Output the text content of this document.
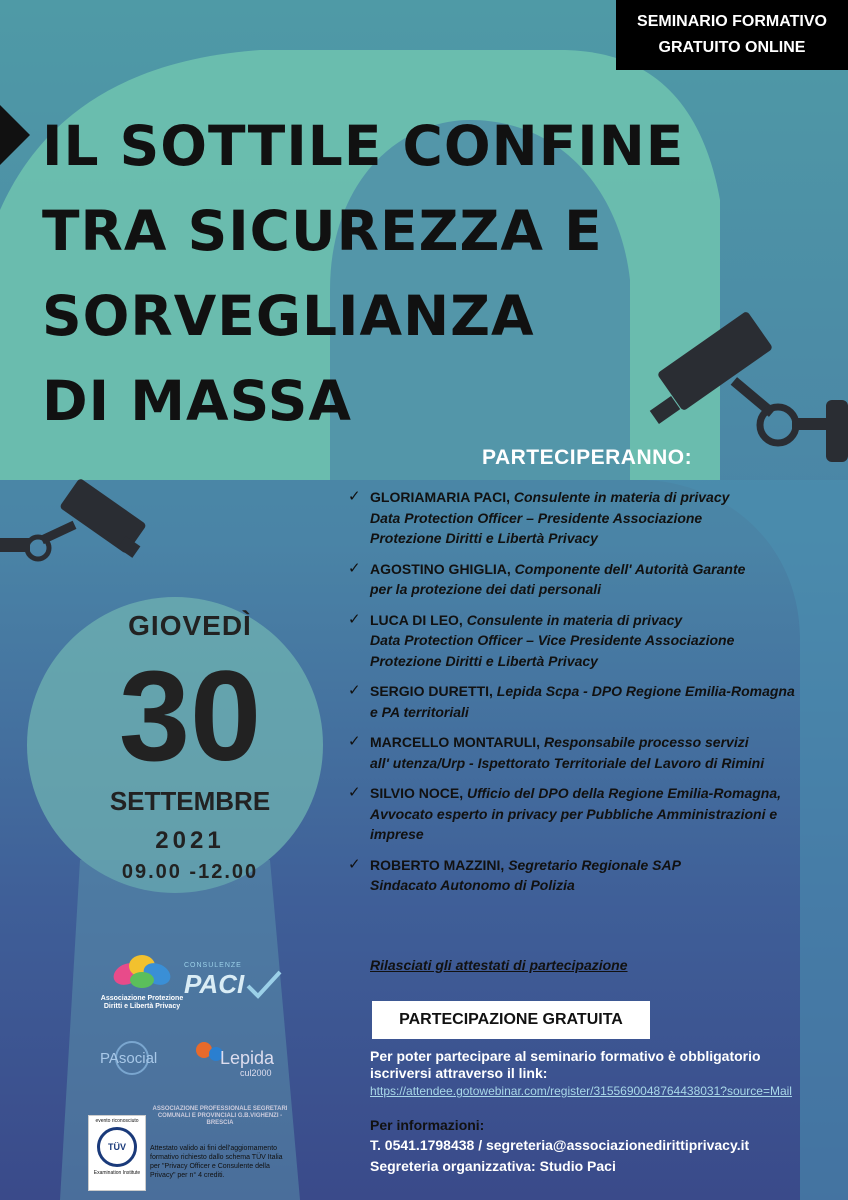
SEMINARIO FORMATIVO
GRATUITO ONLINE
IL SOTTILE CONFINE
TRA SICUREZZA E
SORVEGLIANZA
DI MASSA
PARTECIPERANNO:
✓ GLORIAMARIA PACI, Consulente in materia di privacy
Data Protection Officer – Presidente Associazione
Protezione Diritti e Libertà Privacy
✓ AGOSTINO GHIGLIA, Componente dell' Autorità Garante
per la protezione dei dati personali
✓ LUCA DI LEO, Consulente in materia di privacy
Data Protection Officer – Vice Presidente Associazione
Protezione Diritti e Libertà Privacy
✓ SERGIO DURETTI, Lepida Scpa - DPO Regione Emilia-Romagna
e PA territoriali
✓ MARCELLO MONTARULI, Responsabile processo servizi
all' utenza/Urp - Ispettorato Territoriale del Lavoro di Rimini
✓ SILVIO NOCE, Ufficio del DPO della Regione Emilia-Romagna,
Avvocato esperto in privacy per Pubbliche Amministrazioni e
imprese
✓ ROBERTO MAZZINI, Segretario Regionale SAP
Sindacato Autonomo di Polizia
Rilasciati gli attestati di partecipazione
PARTECIPAZIONE GRATUITA
Per poter partecipare al seminario formativo è obbligatorio iscriversi attraverso il link:
https://attendee.gotowebinar.com/register/3155690048764438031?source=Mail
Per informazioni:
T. 0541.1798438 / segreteria@associazionedirittiprivacy.it
Segreteria organizzativa: Studio Paci
GIOVEDÌ
30
SETTEMBRE
2021
09.00 -12.00
Associazione Protezione Diritti e Libertà Privacy
CONSULENZE
PACI
PAsocial	Lepida
cul2000
ASSOCIAZIONE PROFESSIONALE SEGRETARI COMUNALI E PROVINCIALI G.B.VIGHENZI - BRESCIA
evento riconosciuto
TÜV
Examination Institute
Attestato valido ai fini dell'aggiornamento formativo richiesto dallo schema TÜV Italia per "Privacy Officer e Consulente della Privacy" per n° 4 crediti.
